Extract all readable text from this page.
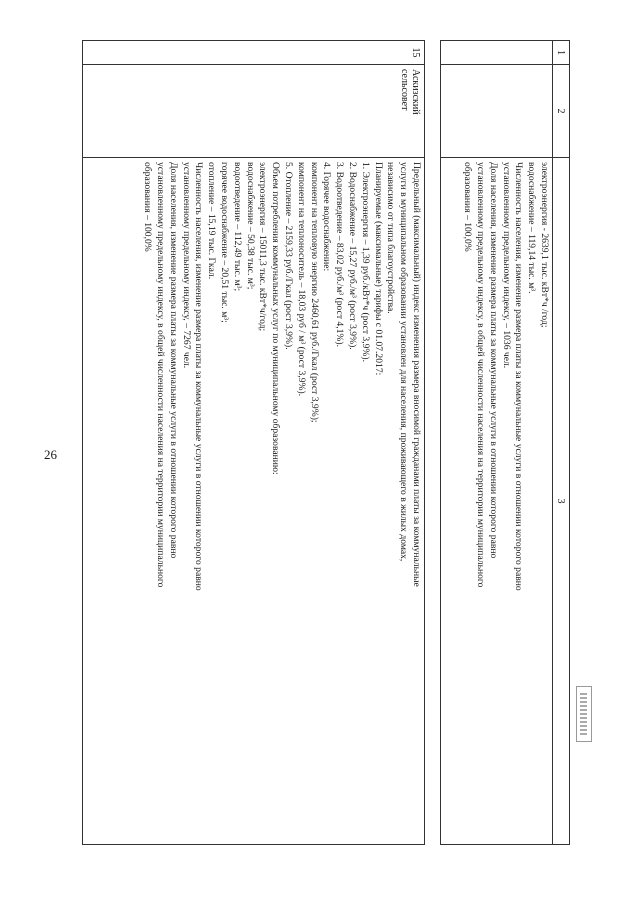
26
1
2
3
электроэнергия - 2639,1 тыс. кВт*ч /год;
водоснабжение – 119,14 тыс. м³.
Численность населения, изменение размера платы за коммунальные услуги в отношении которого равно
установленному предельному индексу, – 1036 чел.
Доля населения, изменение размера платы за коммунальные услуги в отношении которого равно
установленному предельному индексу, в общей численности населения на территории муниципального
образования – 100,0%
15
Аскизский сельсовет
Предельный (максимальный) индекс изменения размера вносимой гражданами платы за коммунальные
услуги в муниципальном образовании установлен для населения, проживающего в жилых домах,
независимо от типа благоустройства.
Планируемые (максимальные) тарифы с 01.07.2017:
1. Электроэнергия – 1,39 руб./кВт*ч (рост 3,9%).
2. Водоснабжение – 15,27 руб./м³ (рост 3,9%).
3. Водоотведение – 83,02 руб./м³ (рост 4,1%).
4. Горячее водоснабжение:
компонент на тепловую энергию 2460,61 руб./Гкал (рост 3,9%);
компонент на теплоноситель – 18,03 руб / м³ (рост 3,9%).
5. Отопление – 2159,33 руб./Гкал (рост 3,9%).
Объем потребления коммунальных услуг по муниципальному образованию:
электроэнергия – 15011,3 тыс. кВт*ч/год;
водоснабжение – 50,38 тыс. м³;
водоотведение – 112,49 тыс. м³;
горячее водоснабжение – 20,51 тыс. м³;
отопление – 15,19 тыс. Гкал.
Численность населения, изменение размера платы за коммунальные услуги в отношении которого равно
установленному предельному индексу, – 7267 чел.
Доля населения, изменение размера платы за коммунальные услуги в отношении которого равно
установленному предельному индексу, в общей численности населения на территории муниципального
образования – 100,0%
